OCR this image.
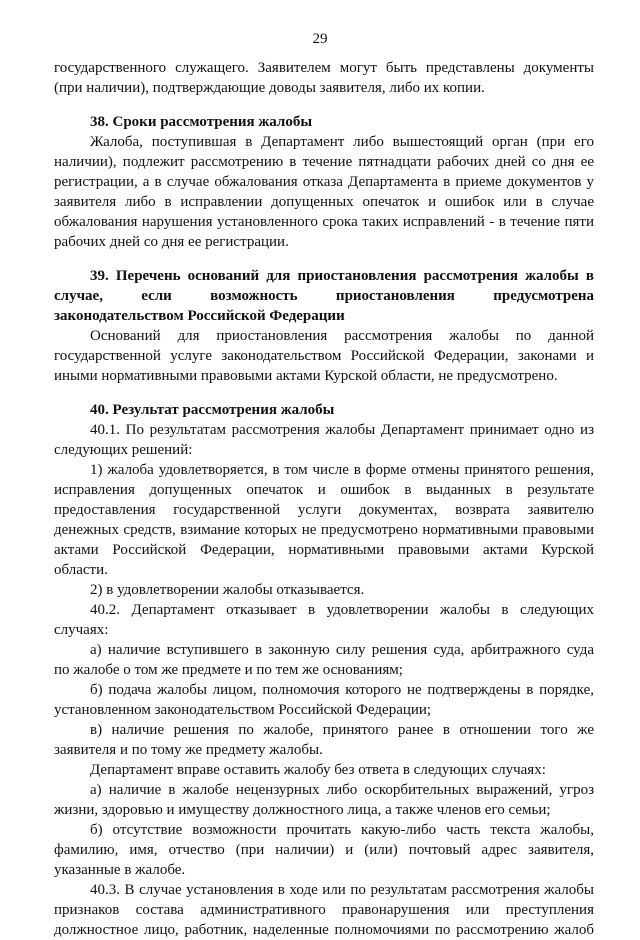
29
государственного служащего. Заявителем могут быть представлены документы
(при наличии), подтверждающие доводы заявителя, либо их копии.
38. Сроки рассмотрения жалобы
Жалоба, поступившая в Департамент либо вышестоящий орган (при его
наличии), подлежит рассмотрению в течение пятнадцати рабочих дней со дня ее
регистрации, а в случае обжалования отказа Департамента в приеме документов у
заявителя либо в исправлении допущенных опечаток и ошибок или в случае
обжалования нарушения установленного срока таких исправлений - в течение пяти
рабочих дней со дня ее регистрации.
39. Перечень оснований для приостановления рассмотрения жалобы в
случае, если возможность приостановления предусмотрена
законодательством Российской Федерации
Оснований для приостановления рассмотрения жалобы по данной
государственной услуге законодательством Российской Федерации, законами и
иными нормативными правовыми актами Курской области, не предусмотрено.
40. Результат рассмотрения жалобы
40.1. По результатам рассмотрения жалобы Департамент принимает одно из
следующих решений:
1) жалоба удовлетворяется, в том числе в форме отмены принятого решения,
исправления допущенных опечаток и ошибок в выданных в результате
предоставления государственной услуги документах, возврата заявителю
денежных средств, взимание которых не предусмотрено нормативными правовыми
актами Российской Федерации, нормативными правовыми актами Курской
области.
2) в удовлетворении жалобы отказывается.
40.2. Департамент отказывает в удовлетворении жалобы в следующих
случаях:
а) наличие вступившего в законную силу решения суда, арбитражного суда
по жалобе о том же предмете и по тем же основаниям;
б) подача жалобы лицом, полномочия которого не подтверждены в порядке,
установленном законодательством Российской Федерации;
в) наличие решения по жалобе, принятого ранее в отношении того же
заявителя и по тому же предмету жалобы.
Департамент вправе оставить жалобу без ответа в следующих случаях:
а) наличие в жалобе нецензурных либо оскорбительных выражений, угроз
жизни, здоровью и имуществу должностного лица, а также членов его семьи;
б) отсутствие возможности прочитать какую-либо часть текста жалобы,
фамилию, имя, отчество (при наличии) и (или) почтовый адрес заявителя,
указанные в жалобе.
40.3. В случае установления в ходе или по результатам рассмотрения жалобы
признаков состава административного правонарушения или преступления
должностное лицо, работник, наделенные полномочиями по рассмотрению жалоб
